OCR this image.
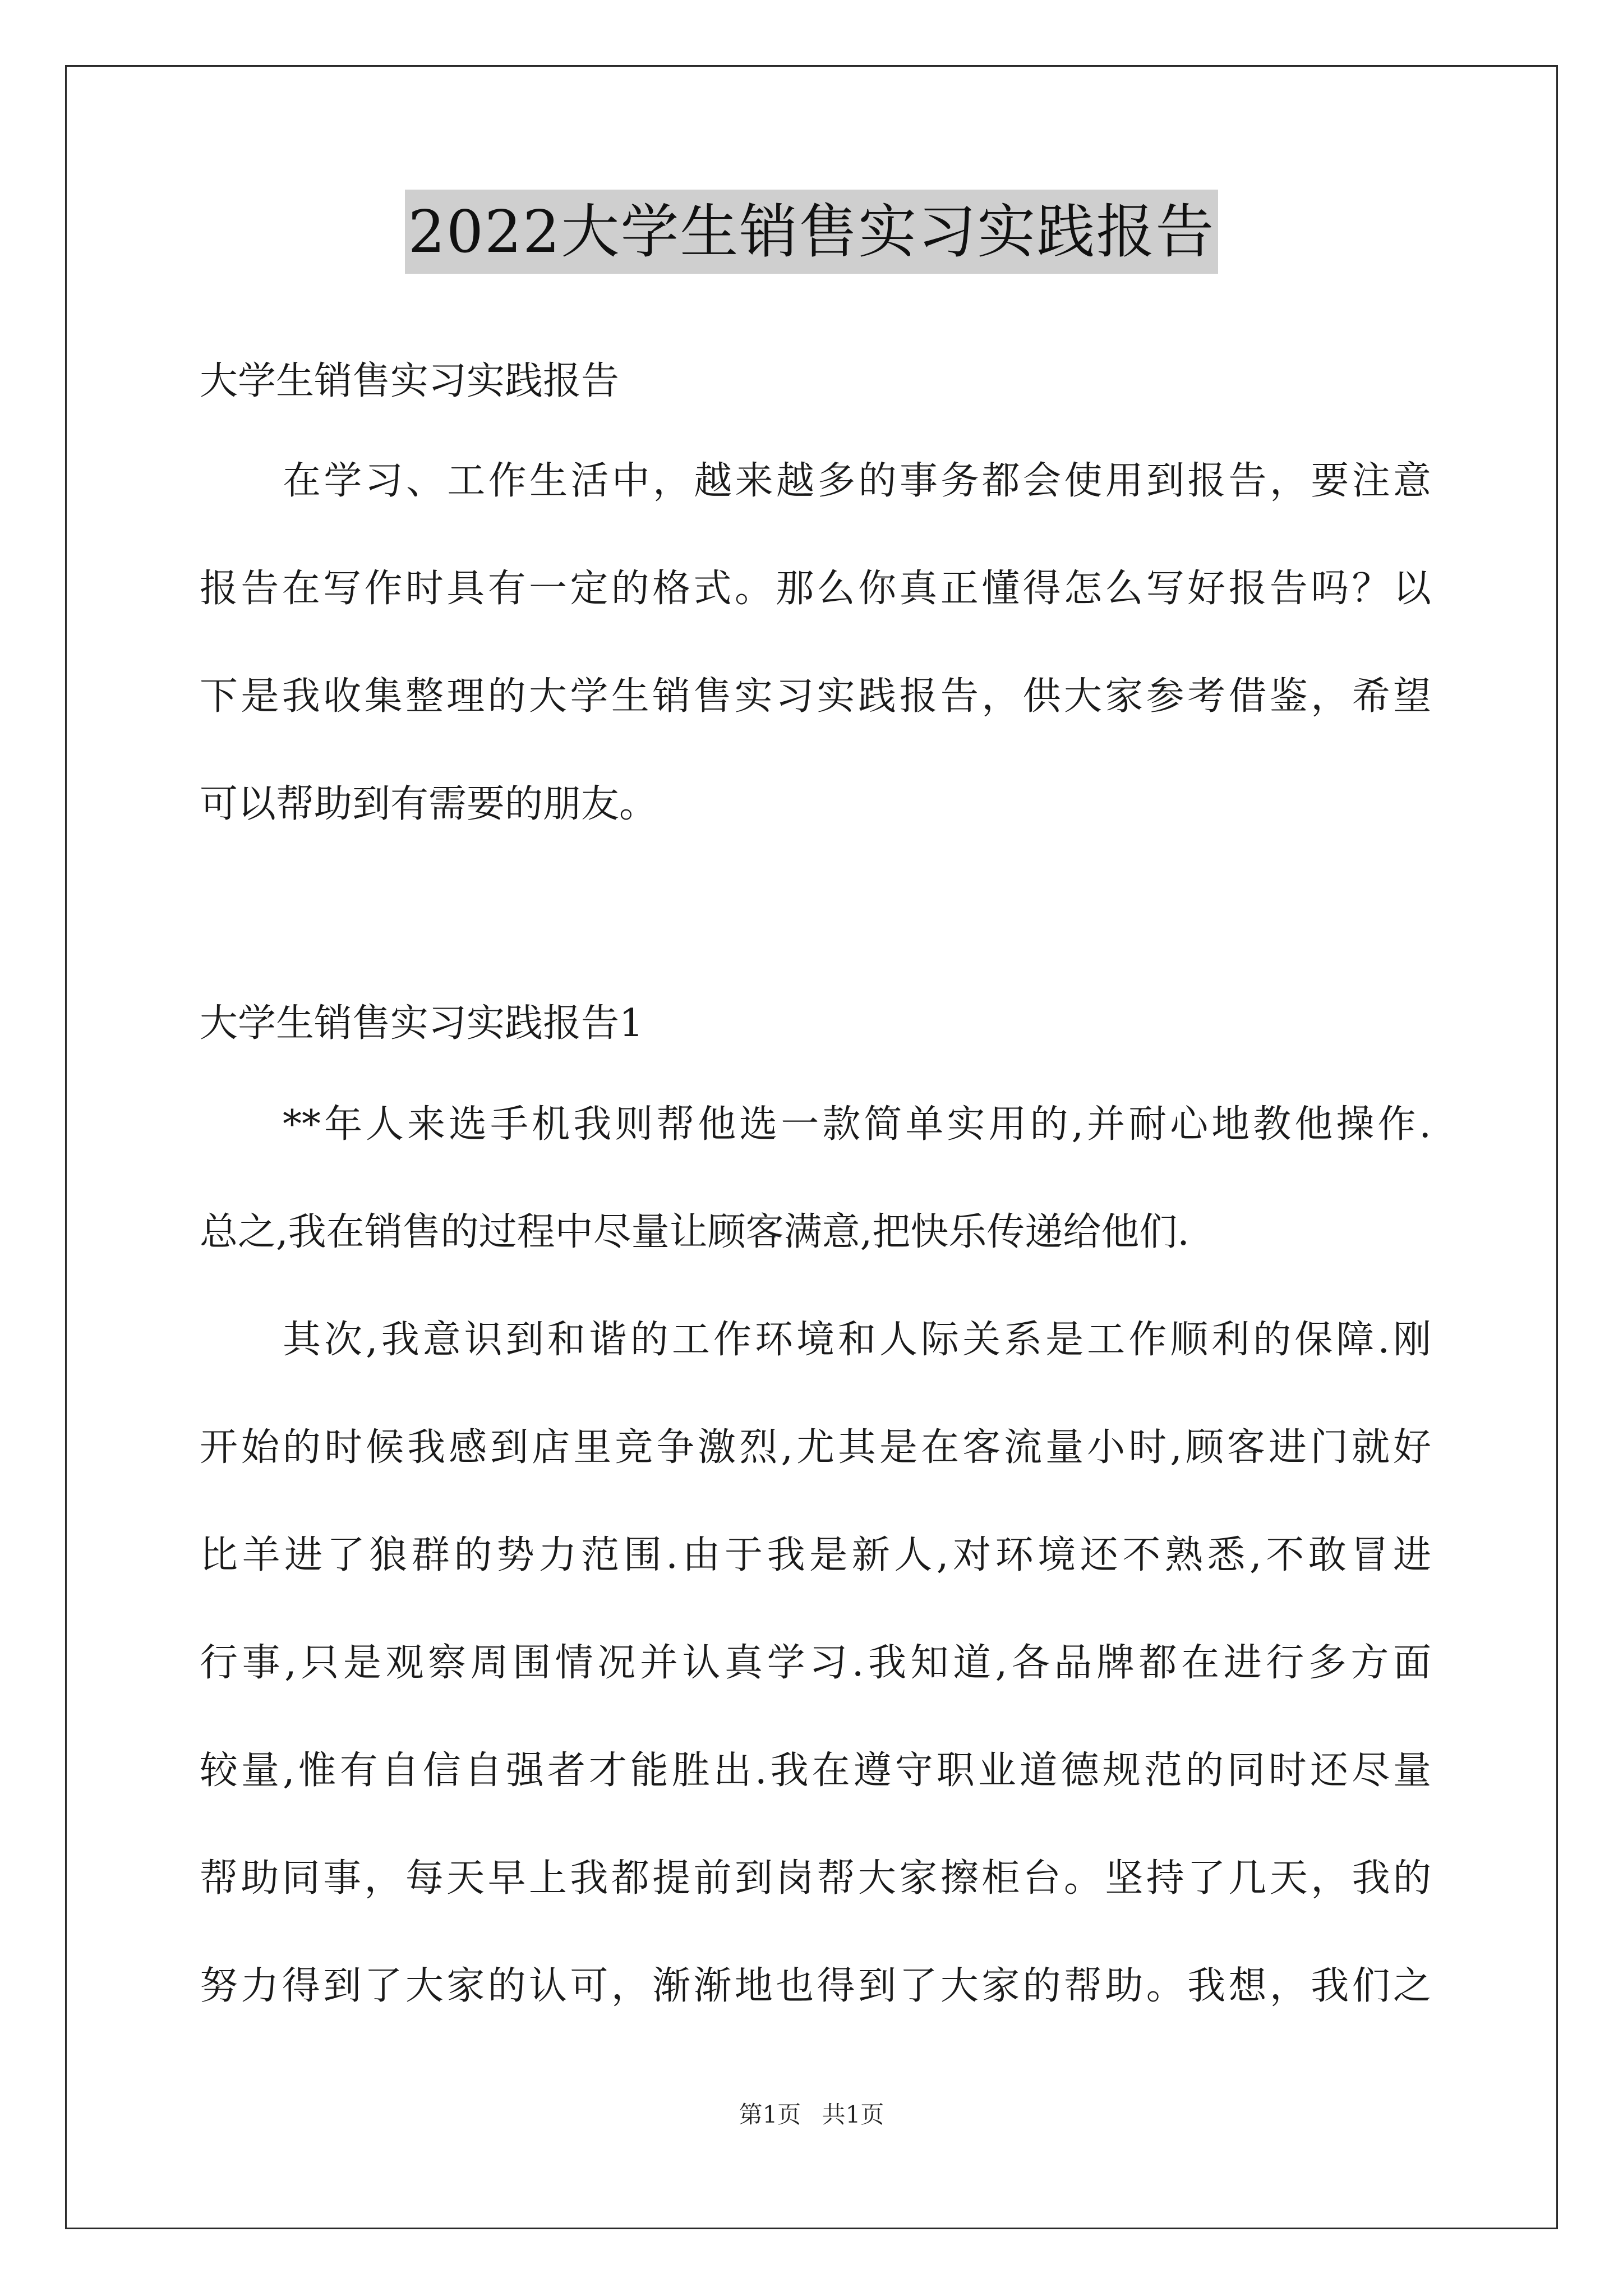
2022大学生销售实习实践报告
大学生销售实习实践报告
在学习、工作生活中，越来越多的事务都会使用到报告，要注意
报告在写作时具有一定的格式。那么你真正懂得怎么写好报告吗？以
下是我收集整理的大学生销售实习实践报告，供大家参考借鉴，希望
可以帮助到有需要的朋友。
大学生销售实习实践报告1
**年人来选手机我则帮他选一款简单实用的,并耐心地教他操作.
总之,我在销售的过程中尽量让顾客满意,把快乐传递给他们.
其次,我意识到和谐的工作环境和人际关系是工作顺利的保障.刚
开始的时候我感到店里竞争激烈,尤其是在客流量小时,顾客进门就好
比羊进了狼群的势力范围.由于我是新人,对环境还不熟悉,不敢冒进
行事,只是观察周围情况并认真学习.我知道,各品牌都在进行多方面
较量,惟有自信自强者才能胜出.我在遵守职业道德规范的同时还尽量
帮助同事，每天早上我都提前到岗帮大家擦柜台。坚持了几天，我的
努力得到了大家的认可，渐渐地也得到了大家的帮助。我想，我们之
第1页 共1页
